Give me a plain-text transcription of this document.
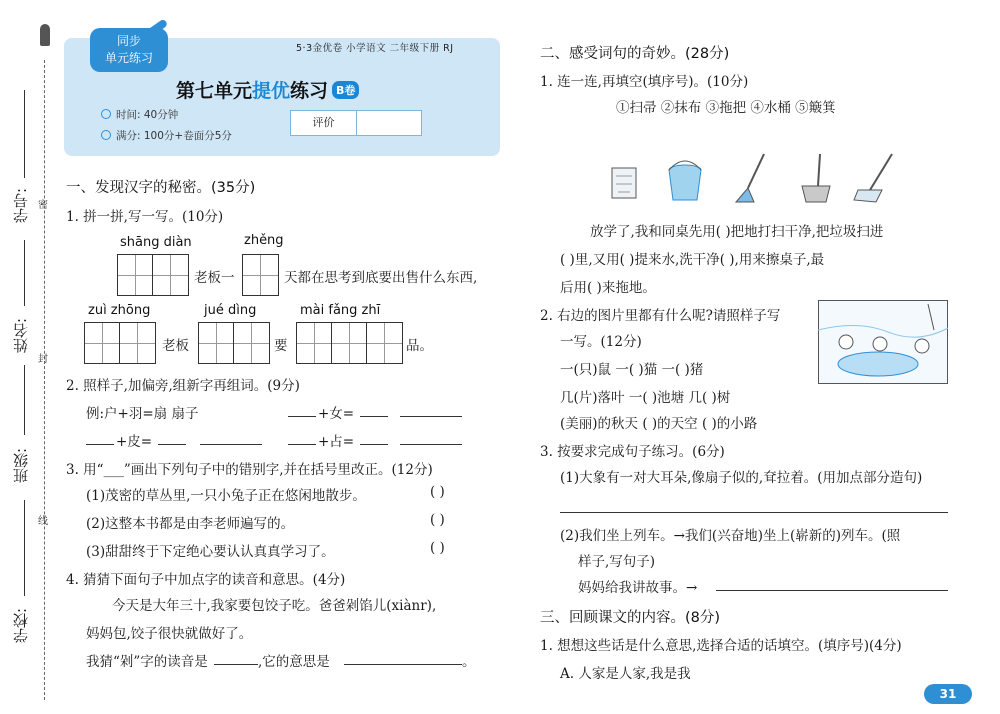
学号:
姓名:
班级:
学校:
密
封
线
同步
单元练习
5·3金优卷 小学语文 二年级下册 RJ
第七单元提优练习 B卷
时间: 40分钟
满分: 100分+卷面分5分
评价
一、发现汉字的秘密。(35分)
1. 拼一拼,写一写。(10分)
shāng diàn	zhěng
老板一	天都在思考到底要出售什么东西,
zuì zhōng	jué dìng	mài fǎng zhī
老板	要	品。
2. 照样子,加偏旁,组新字再组词。(9分)
例:户+羽=扇 扇子	+女=
+皮=	+占=
3. 用“___”画出下列句子中的错别字,并在括号里改正。(12分)
(1)茂密的草丛里,一只小兔子正在悠闲地散步。	( )
(2)这整本书都是由李老师遍写的。	( )
(3)甜甜终于下定绝心要认认真真学习了。	( )
4. 猜猜下面句子中加点字的读音和意思。(4分)
今天是大年三十,我家要包饺子吃。爸爸剁馅儿(xiànr),
妈妈包,饺子很快就做好了。
我猜“剁”字的读音是	,它的意思是	。
二、感受词句的奇妙。(28分)
1. 连一连,再填空(填序号)。(10分)
①扫帚 ②抹布 ③拖把 ④水桶 ⑤簸箕
放学了,我和同桌先用( )把地打扫干净,把垃圾扫进
( )里,又用( )提来水,洗干净( ),用来擦桌子,最
后用( )来拖地。
2. 右边的图片里都有什么呢?请照样子写
一写。(12分)
一(只)鼠 一( )猫 一( )猪
几(片)落叶 一( )池塘 几( )树
(美丽)的秋天 ( )的天空 ( )的小路
3. 按要求完成句子练习。(6分)
(1)大象有一对大耳朵,像扇子似的,耷拉着。(用加点部分造句)
(2)我们坐上列车。→我们(兴奋地)坐上(崭新的)列车。(照
样子,写句子)
妈妈给我讲故事。→
三、回顾课文的内容。(8分)
1. 想想这些话是什么意思,选择合适的话填空。(填序号)(4分)
A. 人家是人家,我是我
31
